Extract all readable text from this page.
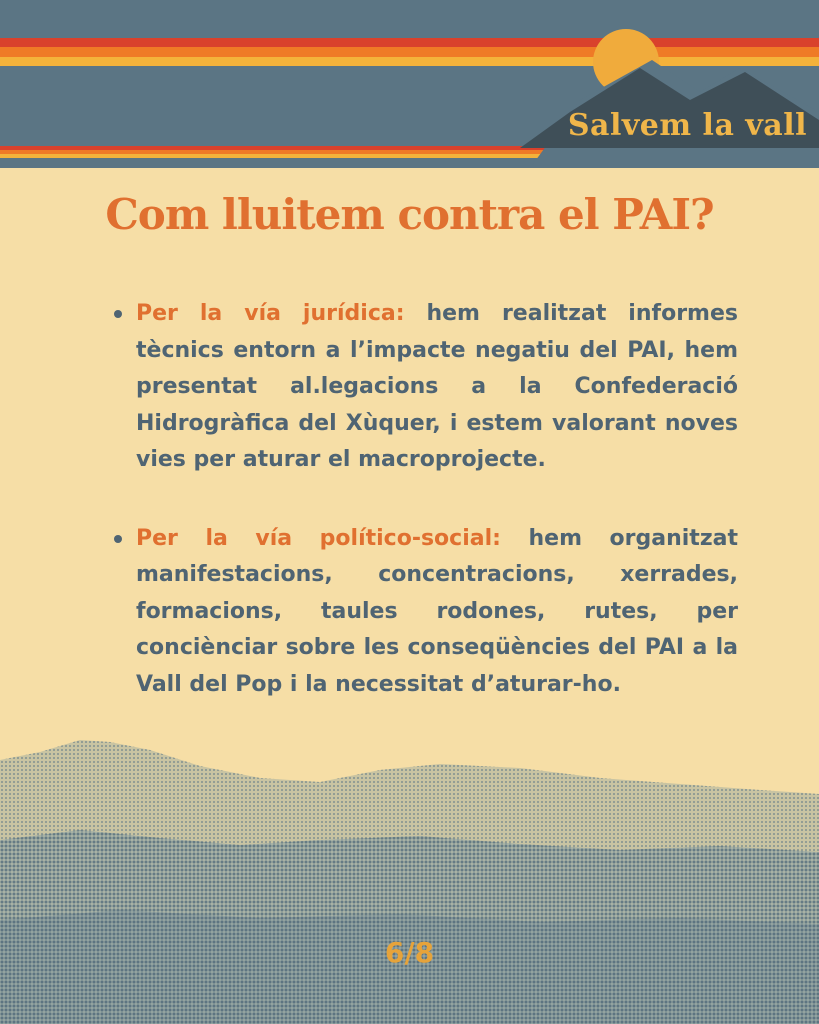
Salvem la vall
Com lluitem contra el PAI?
Per la vía jurídica: hem realitzat informes tècnics entorn a l’impacte negatiu del PAI, hem presentat al.legacions a la Confederació Hidrogràfica del Xùquer, i estem valorant noves vies per aturar el macroprojecte.
Per la vía político-social: hem organitzat manifestacions, concentracions, xerrades, formacions, taules rodones, rutes, per conciènciar sobre les conseqüències del PAI a la Vall del Pop i la necessitat d’aturar-ho.
6/8
